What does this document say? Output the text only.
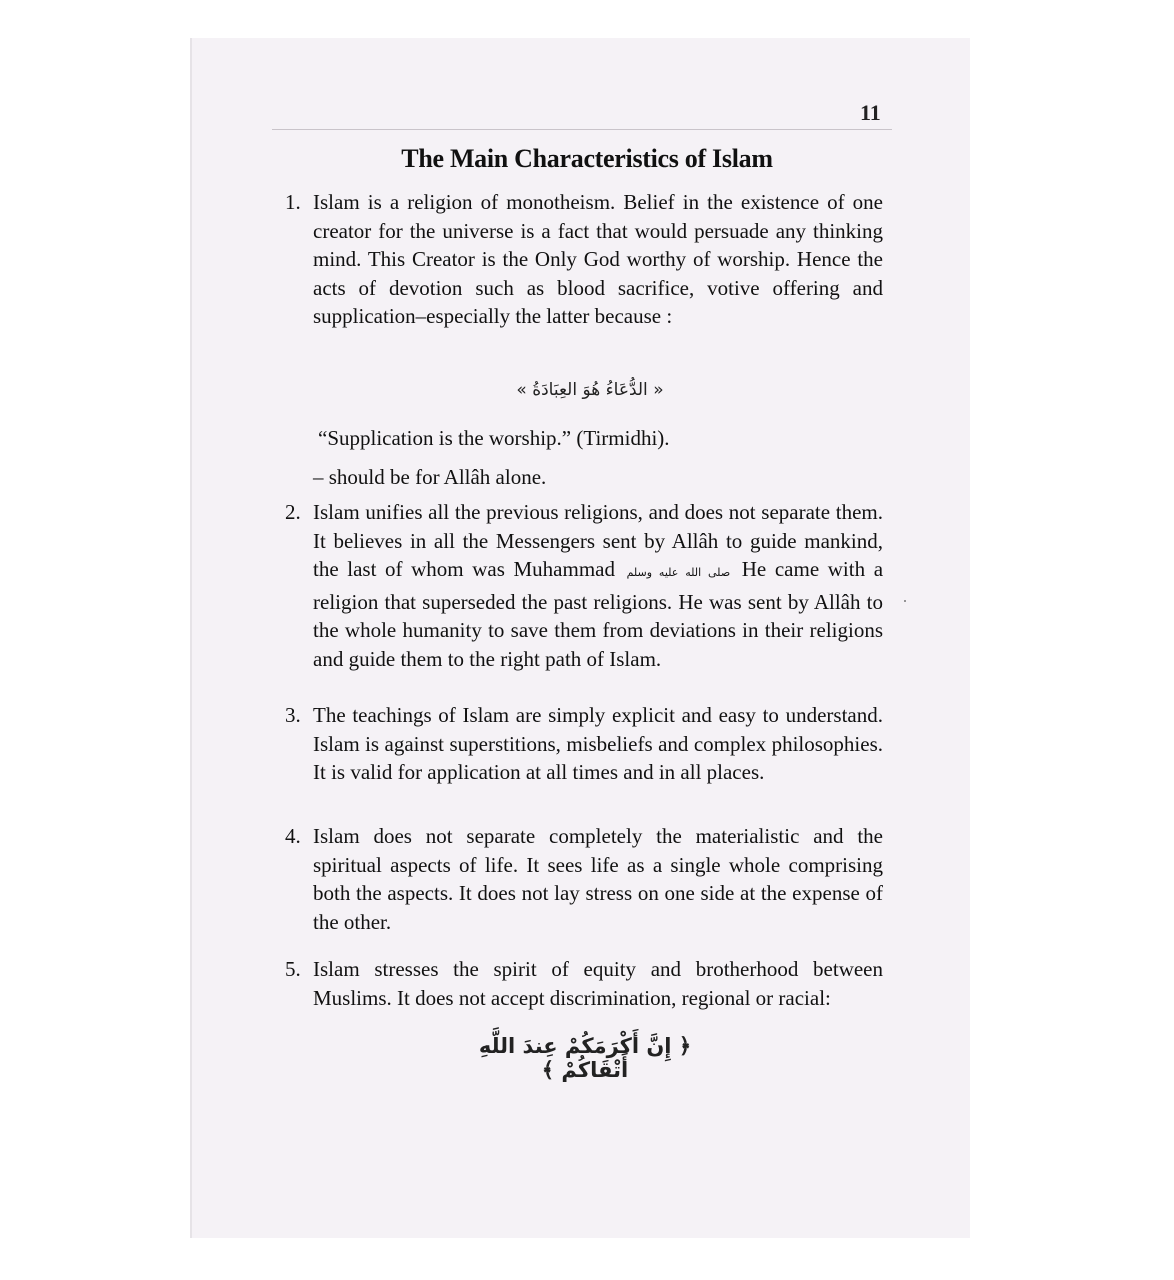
11
The Main Characteristics of Islam
1. Islam is a religion of monotheism. Belief in the existence of one creator for the universe is a fact that would persuade any thinking mind. This Creator is the Only God worthy of worship. Hence the acts of devotion such as blood sacrifice, votive offering and supplication–especially the latter because :
« الدُّعَاءُ هُوَ العِبَادَةُ »
“Supplication is the worship.” (Tirmidhi).
– should be for Allâh alone.
2. Islam unifies all the previous religions, and does not separate them. It believes in all the Messengers sent by Allâh to guide mankind, the last of whom was Muhammad صلى الله عليه وسلم He came with a religion that superseded the past religions. He was sent by Allâh to the whole humanity to save them from deviations in their religions and guide them to the right path of Islam.
3. The teachings of Islam are simply explicit and easy to understand. Islam is against superstitions, misbeliefs and complex philosophies. It is valid for application at all times and in all places.
4. Islam does not separate completely the materialistic and the spiritual aspects of life. It sees life as a single whole comprising both the aspects. It does not lay stress on one side at the expense of the other.
5. Islam stresses the spirit of equity and brotherhood between Muslims. It does not accept discrimination, regional or racial:
﴿ إِنَّ أَكْرَمَكُمْ عِندَ اللَّهِ أَتْقَاكُمْ ﴾
